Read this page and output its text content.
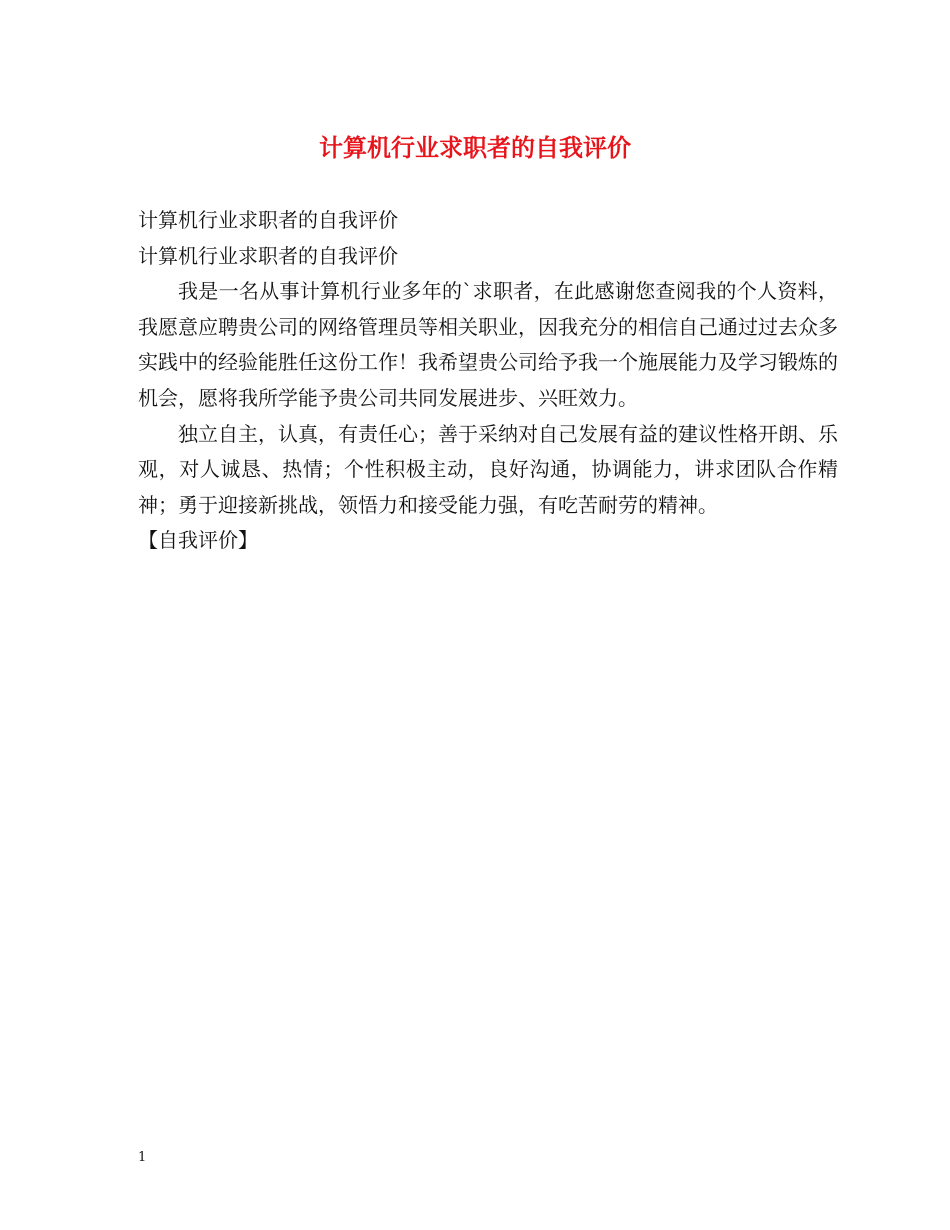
计算机行业求职者的自我评价

计算机行业求职者的自我评价

计算机行业求职者的自我评价

我是一名从事计算机行业多年的`求职者，在此感谢您查阅我的个人资料，我愿意应聘贵公司的网络管理员等相关职业，因我充分的相信自己通过过去众多实践中的经验能胜任这份工作！我希望贵公司给予我一个施展能力及学习锻炼的机会，愿将我所学能予贵公司共同发展进步、兴旺效力。

独立自主，认真，有责任心；善于采纳对自己发展有益的建议性格开朗、乐观，对人诚恳、热情；个性积极主动，良好沟通，协调能力，讲求团队合作精神；勇于迎接新挑战，领悟力和接受能力强，有吃苦耐劳的精神。

【自我评价】

1
